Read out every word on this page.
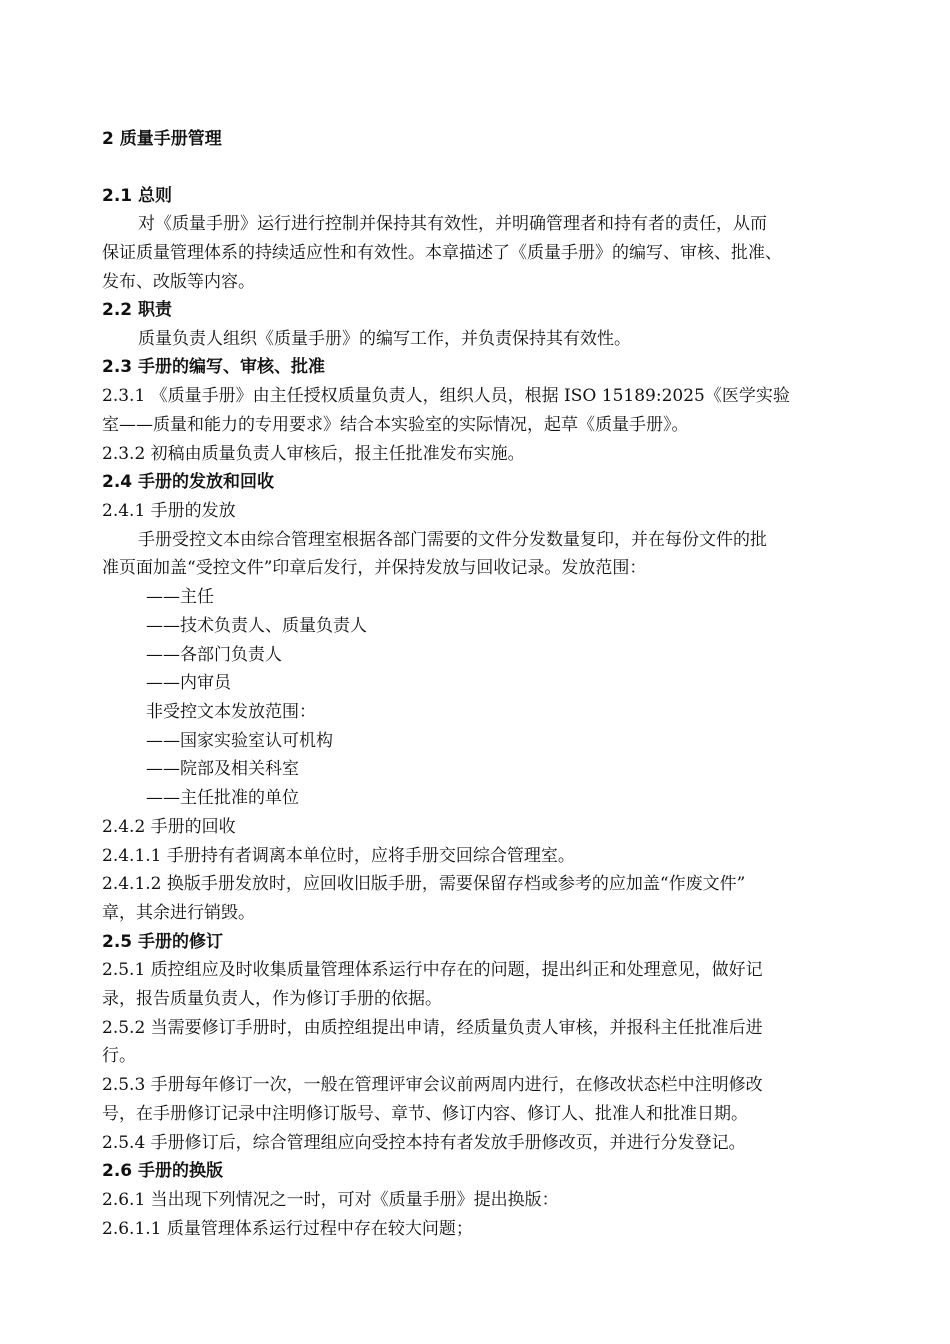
2 质量手册管理
2.1 总则
对《质量手册》运行进行控制并保持其有效性，并明确管理者和持有者的责任，从而
保证质量管理体系的持续适应性和有效性。本章描述了《质量手册》的编写、审核、批准、
发布、改版等内容。
2.2 职责
质量负责人组织《质量手册》的编写工作，并负责保持其有效性。
2.3 手册的编写、审核、批准
2.3.1 《质量手册》由主任授权质量负责人，组织人员，根据 ISO 15189:2025《医学实验
室——质量和能力的专用要求》结合本实验室的实际情况，起草《质量手册》。
2.3.2 初稿由质量负责人审核后，报主任批准发布实施。
2.4 手册的发放和回收
2.4.1 手册的发放
手册受控文本由综合管理室根据各部门需要的文件分发数量复印，并在每份文件的批
准页面加盖“受控文件”印章后发行，并保持发放与回收记录。发放范围：
——主任
——技术负责人、质量负责人
——各部门负责人
——内审员
非受控文本发放范围：
——国家实验室认可机构
——院部及相关科室
——主任批准的单位
2.4.2 手册的回收
2.4.1.1 手册持有者调离本单位时，应将手册交回综合管理室。
2.4.1.2 换版手册发放时，应回收旧版手册，需要保留存档或参考的应加盖“作废文件”
章，其余进行销毁。
2.5 手册的修订
2.5.1 质控组应及时收集质量管理体系运行中存在的问题，提出纠正和处理意见，做好记
录，报告质量负责人，作为修订手册的依据。
2.5.2 当需要修订手册时，由质控组提出申请，经质量负责人审核，并报科主任批准后进
行。
2.5.3 手册每年修订一次，一般在管理评审会议前两周内进行，在修改状态栏中注明修改
号，在手册修订记录中注明修订版号、章节、修订内容、修订人、批准人和批准日期。
2.5.4 手册修订后，综合管理组应向受控本持有者发放手册修改页，并进行分发登记。
2.6 手册的换版
2.6.1 当出现下列情况之一时，可对《质量手册》提出换版：
2.6.1.1 质量管理体系运行过程中存在较大问题；
